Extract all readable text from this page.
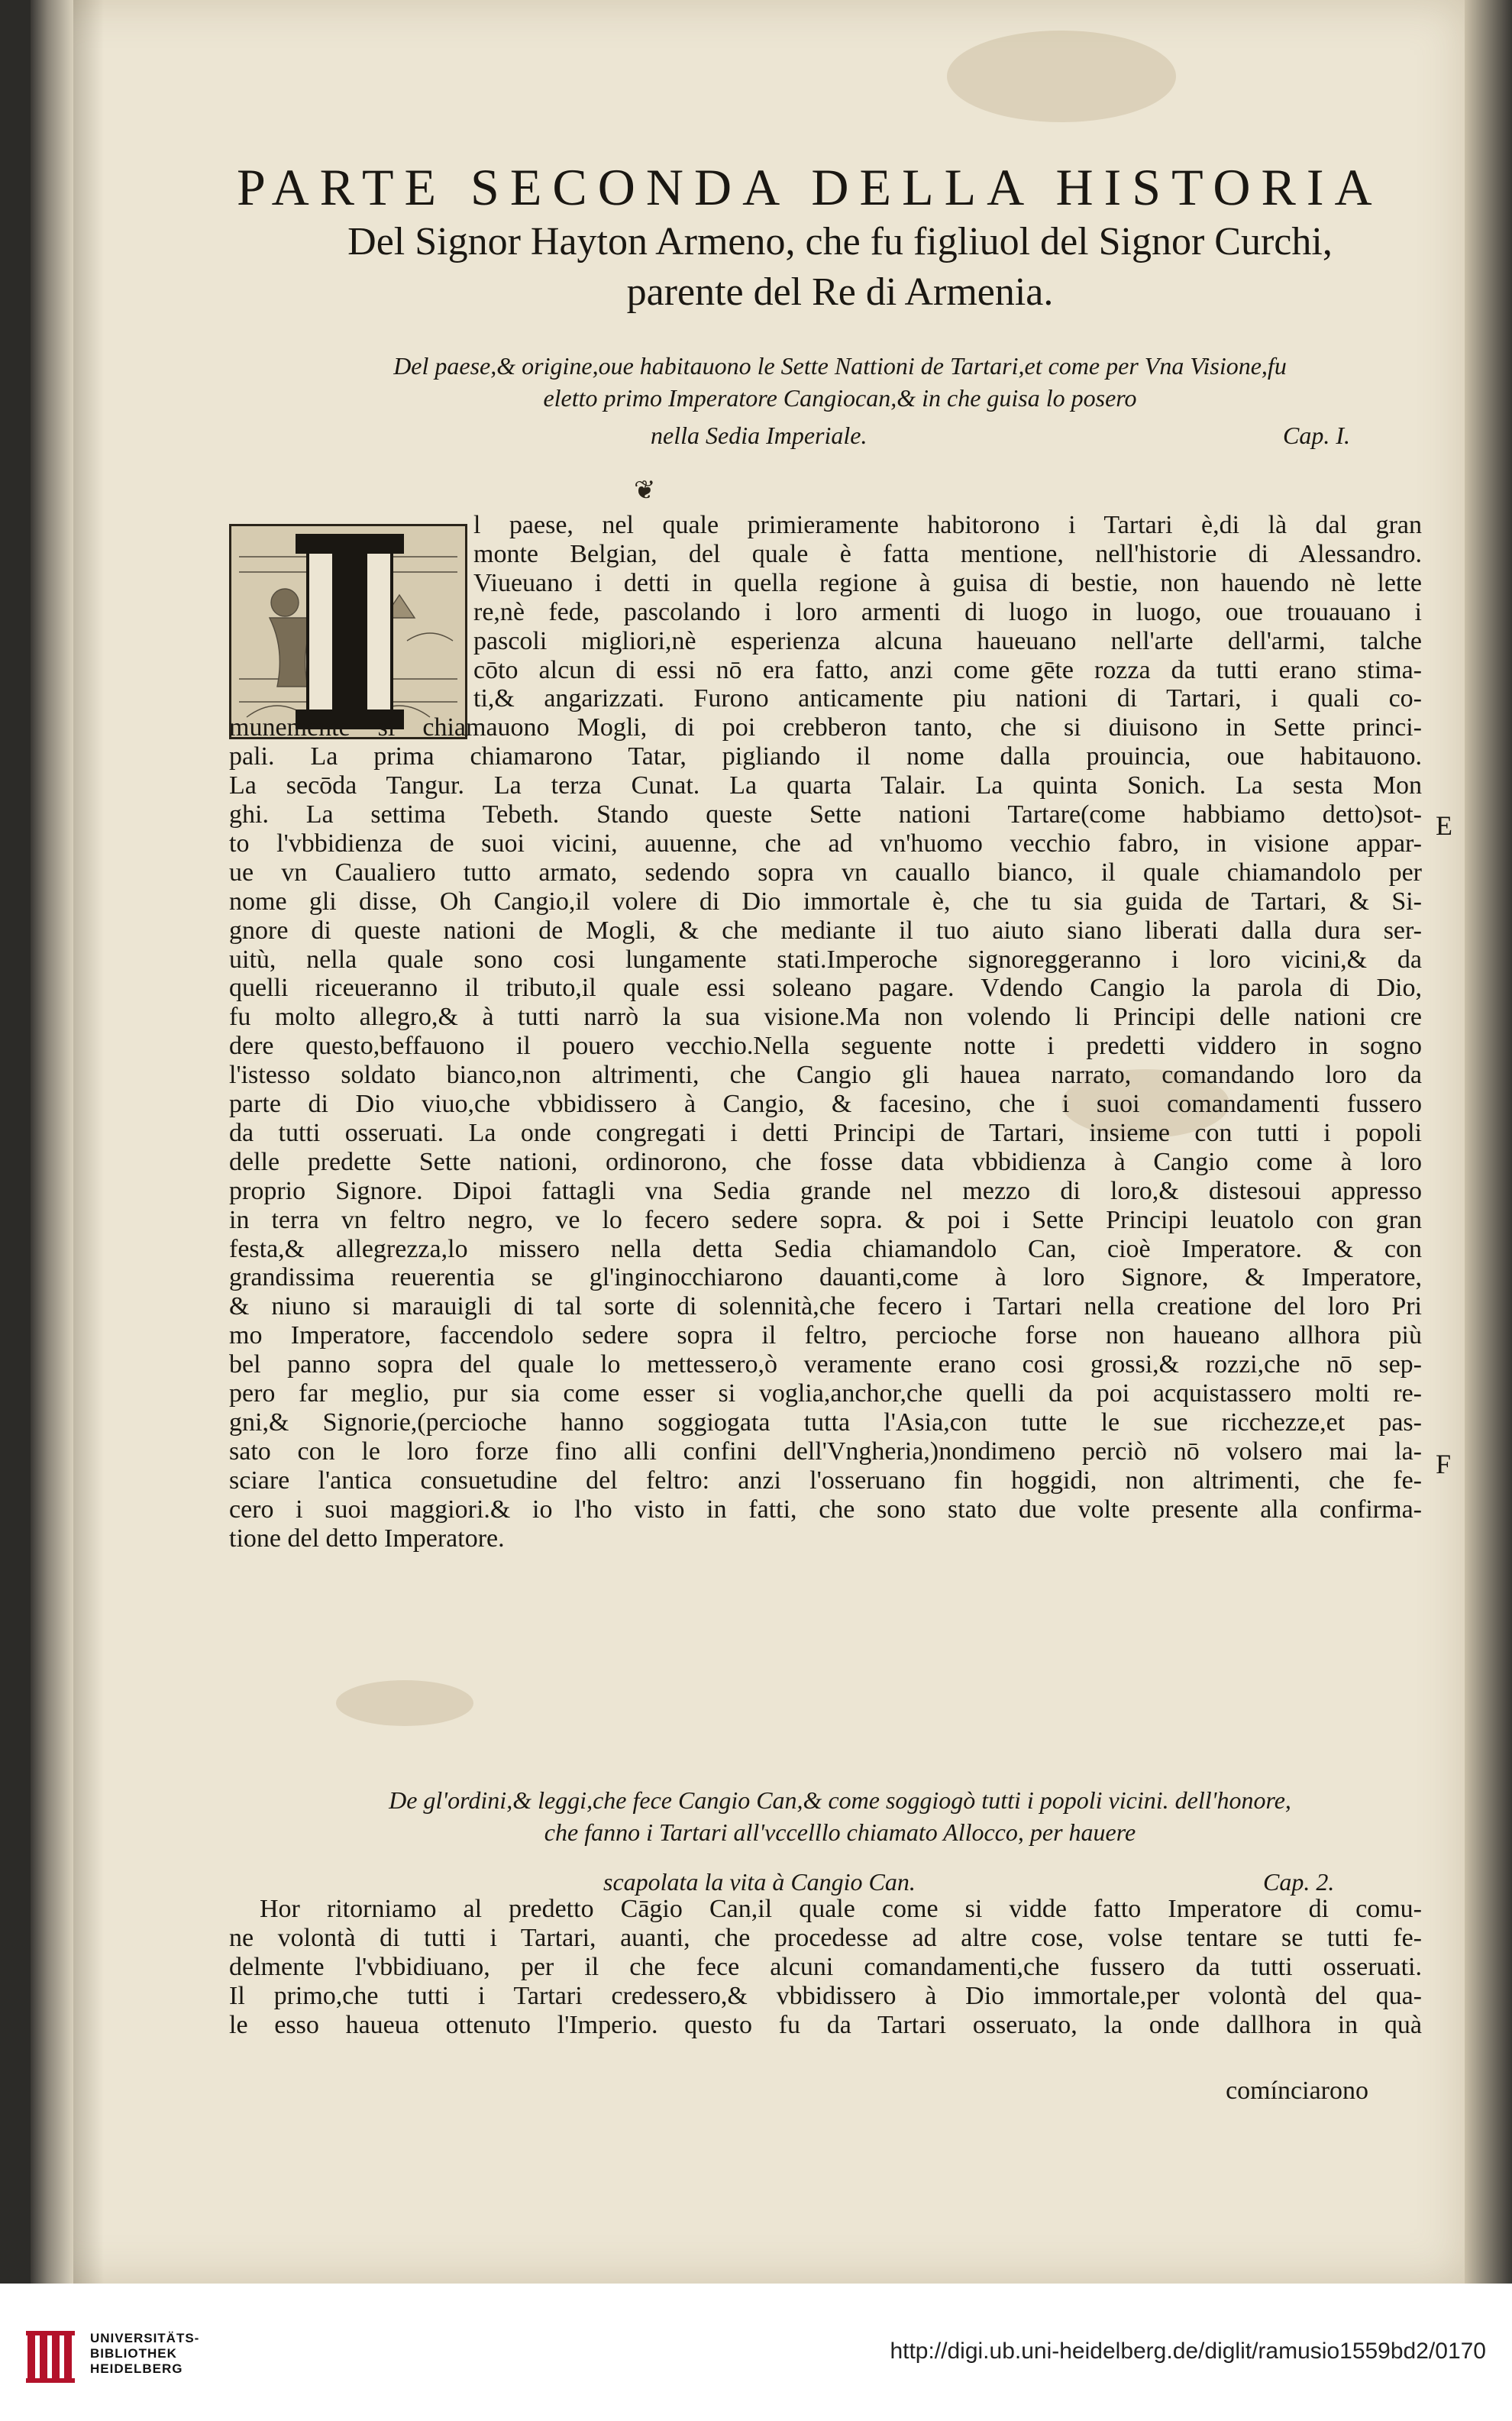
PARTE SECONDA DELLA HISTORIA
Del Signor Hayton Armeno, che fu figliuol del Signor Curchi,
parente del Re di Armenia.
Del paese,& origine,oue habitauono le Sette Nattioni de Tartari,et come per Vna Visione,fu
eletto primo Imperatore Cangiocan,& in che guisa lo posero
nella Sedia Imperiale.	Cap. I.
❦
l paese, nel quale primieramente habitorono i Tartari è,di là dal gran
monte Belgian, del quale è fatta mentione, nell'historie di Alessandro.
Viueuano i detti in quella regione à guisa di bestie, non hauendo nè lette
re,nè fede, pascolando i loro armenti di luogo in luogo, oue trouauano i
pascoli migliori,nè esperienza alcuna haueuano nell'arte dell'armi, talche
cōto alcun di essi nō era fatto, anzi come gēte rozza da tutti erano stima-
ti,& angarizzati. Furono anticamente piu nationi di Tartari, i quali co-
munemente si chiamauono Mogli, di poi crebberon tanto, che si diuisono in Sette princi-
pali. La prima chiamarono Tatar, pigliando il nome dalla prouincia, oue habitauono.
La secōda Tangur. La terza Cunat. La quarta Talair. La quinta Sonich. La sesta Mon
ghi. La settima Tebeth. Stando queste Sette nationi Tartare(come habbiamo detto)sot-
to l'vbbidienza de suoi vicini, auuenne, che ad vn'huomo vecchio fabro, in visione appar-
ue vn Caualiero tutto armato, sedendo sopra vn cauallo bianco, il quale chiamandolo per
nome gli disse, Oh Cangio,il volere di Dio immortale è, che tu sia guida de Tartari, & Si-
gnore di queste nationi de Mogli, & che mediante il tuo aiuto siano liberati dalla dura ser-
uitù, nella quale sono cosi lungamente stati.Imperoche signoreggeranno i loro vicini,& da
quelli riceueranno il tributo,il quale essi soleano pagare. Vdendo Cangio la parola di Dio,
fu molto allegro,& à tutti narrò la sua visione.Ma non volendo li Principi delle nationi cre
dere questo,beffauono il pouero vecchio.Nella seguente notte i predetti viddero in sogno
l'istesso soldato bianco,non altrimenti, che Cangio gli hauea narrato, comandando loro da
parte di Dio viuo,che vbbidissero à Cangio, & facesino, che i suoi comandamenti fussero
da tutti osseruati. La onde congregati i detti Principi de Tartari, insieme con tutti i popoli
delle predette Sette nationi, ordinorono, che fosse data vbbidienza à Cangio come à loro
proprio Signore. Dipoi fattagli vna Sedia grande nel mezzo di loro,& distesoui appresso
in terra vn feltro negro, ve lo fecero sedere sopra. & poi i Sette Principi leuatolo con gran
festa,& allegrezza,lo missero nella detta Sedia chiamandolo Can, cioè Imperatore. & con
grandissima reuerentia se gl'inginocchiarono dauanti,come à loro Signore, & Imperatore,
& niuno si marauigli di tal sorte di solennità,che fecero i Tartari nella creatione del loro Pri
mo Imperatore, faccendolo sedere sopra il feltro, percioche forse non haueano allhora più
bel panno sopra del quale lo mettessero,ò veramente erano cosi grossi,& rozzi,che nō sep-
pero far meglio, pur sia come esser si voglia,anchor,che quelli da poi acquistassero molti re-
gni,& Signorie,(percioche hanno soggiogata tutta l'Asia,con tutte le sue ricchezze,et pas-
sato con le loro forze fino alli confini dell'Vngheria,)nondimeno perciò nō volsero mai la-
sciare l'antica consuetudine del feltro: anzi l'osseruano fin hoggidi, non altrimenti, che fe-
cero i suoi maggiori.& io l'ho visto in fatti, che sono stato due volte presente alla confirma-
tione del detto Imperatore.
E
F
De gl'ordini,& leggi,che fece Cangio Can,& come soggiogò tutti i popoli vicini. dell'honore,
che fanno i Tartari all'vccelllo chiamato Allocco, per hauere
scapolata la vita à Cangio Can.	Cap. 2.
Hor ritorniamo al predetto Cāgio Can,il quale come si vidde fatto Imperatore di comu-
ne volontà di tutti i Tartari, auanti, che procedesse ad altre cose, volse tentare se tutti fe-
delmente l'vbbidiuano, per il che fece alcuni comandamenti,che fussero da tutti osseruati.
Il primo,che tutti i Tartari credessero,& vbbidissero à Dio immortale,per volontà del qua-
le esso haueua ottenuto l'Imperio. questo fu da Tartari osseruato, la onde dallhora in quà
comínciarono
UNIVERSITÄTS-
BIBLIOTHEK
HEIDELBERG
http://digi.ub.uni-heidelberg.de/diglit/ramusio1559bd2/0170
